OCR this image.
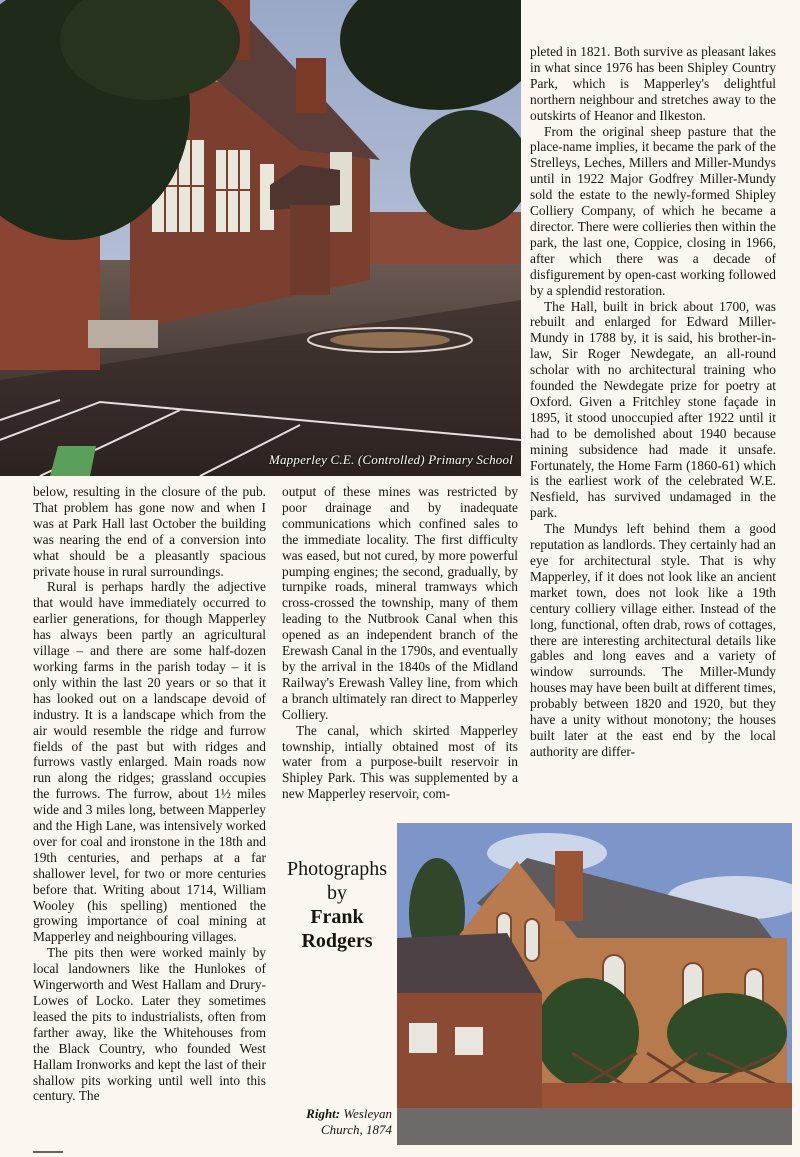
Mapperley C.E. (Controlled) Primary School

below, resulting in the closure of the pub. That problem has gone now and when I was at Park Hall last October the building was nearing the end of a conversion into what should be a pleasantly spacious private house in rural surroundings.

Rural is perhaps hardly the adjective that would have immediately occurred to earlier generations, for though Mapperley has always been partly an agricultural village – and there are some half-dozen working farms in the parish today – it is only within the last 20 years or so that it has looked out on a landscape devoid of industry. It is a landscape which from the air would resemble the ridge and furrow fields of the past but with ridges and furrows vastly enlarged. Main roads now run along the ridges; grassland occupies the furrows. The furrow, about 1½ miles wide and 3 miles long, between Mapperley and the High Lane, was intensively worked over for coal and ironstone in the 18th and 19th centuries, and perhaps at a far shallower level, for two or more centuries before that. Writing about 1714, William Wooley (his spelling) mentioned the growing importance of coal mining at Mapperley and neighbouring villages.

The pits then were worked mainly by local landowners like the Hunlokes of Wingerworth and West Hallam and Drury-Lowes of Locko. Later they sometimes leased the pits to industrialists, often from farther away, like the Whitehouses from the Black Country, who founded West Hallam Ironworks and kept the last of their shallow pits working until well into this century. The

output of these mines was restricted by poor drainage and by inadequate communications which confined sales to the immediate locality. The first difficulty was eased, but not cured, by more powerful pumping engines; the second, gradually, by turnpike roads, mineral tramways which cross-crossed the township, many of them leading to the Nutbrook Canal when this opened as an independent branch of the Erewash Canal in the 1790s, and eventually by the arrival in the 1840s of the Midland Railway's Erewash Valley line, from which a branch ultimately ran direct to Mapperley Colliery.

The canal, which skirted Mapperley township, intially obtained most of its water from a purpose-built reservoir in Shipley Park. This was supplemented by a new Mapperley reservoir, com-

pleted in 1821. Both survive as pleasant lakes in what since 1976 has been Shipley Country Park, which is Mapperley's delightful northern neighbour and stretches away to the outskirts of Heanor and Ilkeston.

From the original sheep pasture that the place-name implies, it became the park of the Strelleys, Leches, Millers and Miller-Mundys until in 1922 Major Godfrey Miller-Mundy sold the estate to the newly-formed Shipley Colliery Company, of which he became a director. There were collieries then within the park, the last one, Coppice, closing in 1966, after which there was a decade of disfigurement by open-cast working followed by a splendid restoration.

The Hall, built in brick about 1700, was rebuilt and enlarged for Edward Miller-Mundy in 1788 by, it is said, his brother-in-law, Sir Roger Newdegate, an all-round scholar with no architectural training who founded the Newdegate prize for poetry at Oxford. Given a Fritchley stone façade in 1895, it stood unoccupied after 1922 until it had to be demolished about 1940 because mining subsidence had made it unsafe. Fortunately, the Home Farm (1860-61) which is the earliest work of the celebrated W.E. Nesfield, has survived undamaged in the park.

The Mundys left behind them a good reputation as landlords. They certainly had an eye for architectural style. That is why Mapperley, if it does not look like an ancient market town, does not look like a 19th century colliery village either. Instead of the long, functional, often drab, rows of cottages, there are interesting architectural details like gables and long eaves and a variety of window surrounds. The Miller-Mundy houses may have been built at different times, probably between 1820 and 1920, but they have a unity without monotony; the houses built later at the east end by the local authority are differ-

Photographs
by
Frank
Rodgers
Right: Wesleyan Church, 1874
